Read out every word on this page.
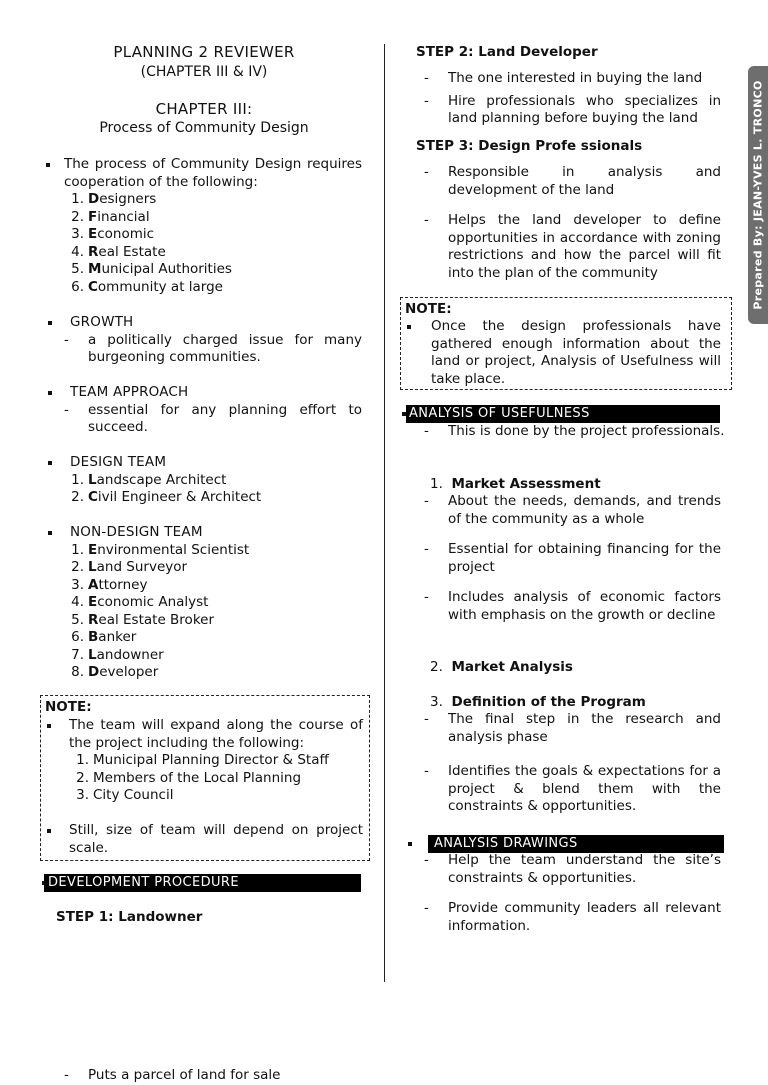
PLANNING 2 REVIEWER
(CHAPTER III & IV)
CHAPTER III:
Process of Community Design
The process of Community Design requires cooperation of the following:
1. Designers
2. Financial
3. Economic
4. Real Estate
5. Municipal Authorities
6. Community at large
GROWTH
- a politically charged issue for many burgeoning communities.
TEAM APPROACH
- essential for any planning effort to succeed.
DESIGN TEAM
1. Landscape Architect
2. Civil Engineer & Architect
NON-DESIGN TEAM
1. Environmental Scientist
2. Land Surveyor
3. Attorney
4. Economic Analyst
5. Real Estate Broker
6. Banker
7. Landowner
8. Developer
NOTE:
The team will expand along the course of the project including the following:
1. Municipal Planning Director & Staff
2. Members of the Local Planning
3. City Council
Still, size of team will depend on project scale.
DEVELOPMENT PROCEDURE
STEP 1: Landowner
- Puts a parcel of land for sale
STEP 2: Land Developer
- The one interested in buying the land
- Hire professionals who specializes in land planning before buying the land
STEP 3: Design Profe ssionals
- Responsible in analysis and development of the land
- Helps the land developer to define opportunities in accordance with zoning restrictions and how the parcel will fit into the plan of the community
NOTE:
Once the design professionals have gathered enough information about the land or project, Analysis of Usefulness will take place.
ANALYSIS OF USEFULNESS
- This is done by the project professionals.
1. Market Assessment
- About the needs, demands, and trends of the community as a whole
- Essential for obtaining financing for the project
- Includes analysis of economic factors with emphasis on the growth or decline
2. Market Analysis
3. Definition of the Program
- The final step in the research and analysis phase
- Identifies the goals & expectations for a project & blend them with the constraints & opportunities.
ANALYSIS DRAWINGS
- Help the team understand the site’s constraints & opportunities.
- Provide community leaders all relevant information.
Prepared By: JEAN-YVES L. TRONCO
